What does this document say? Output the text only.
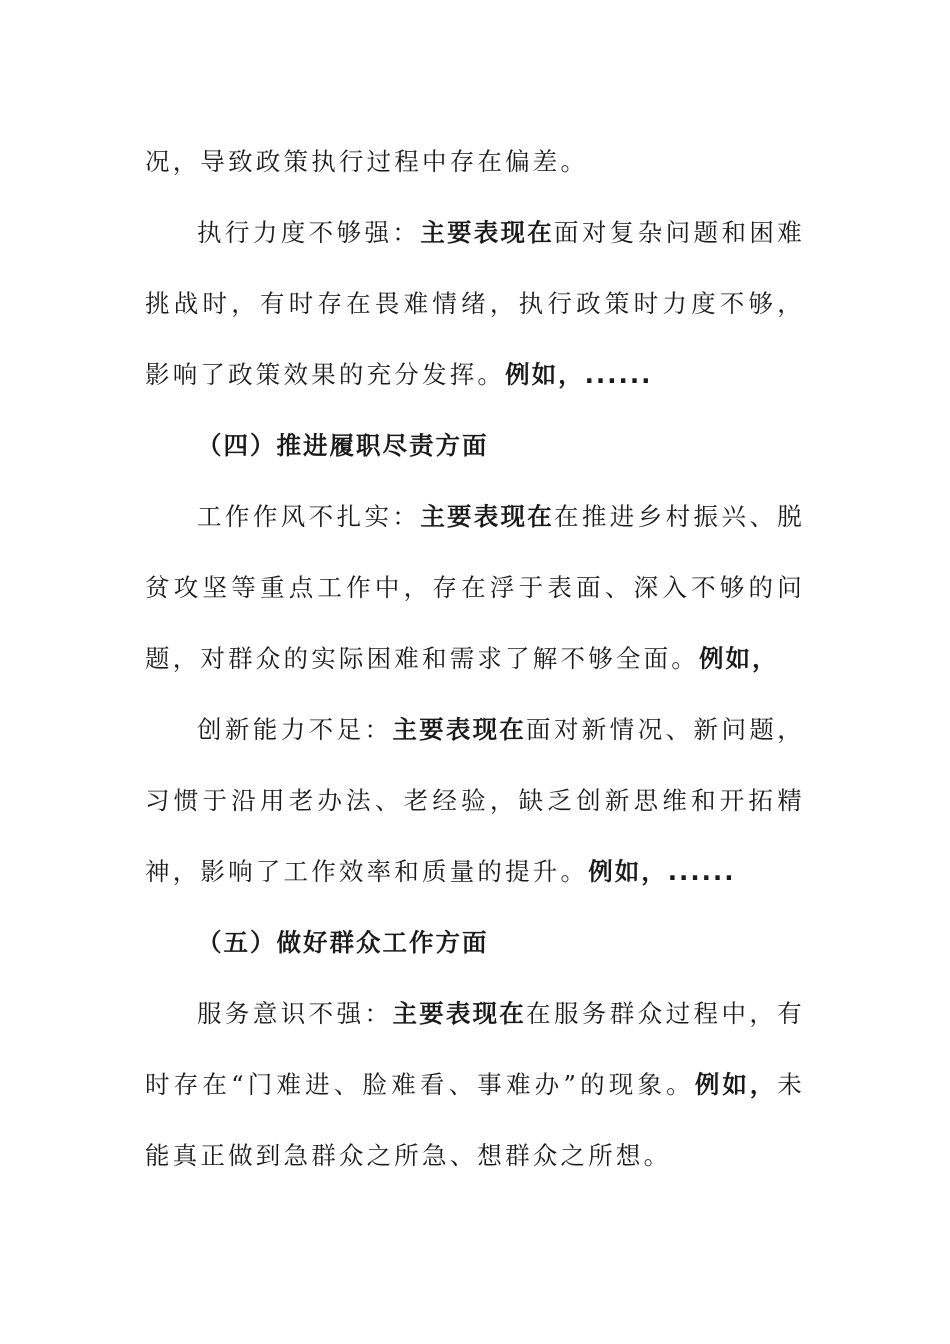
况，导致政策执行过程中存在偏差。

执行力度不够强：主要表现在面对复杂问题和困难挑战时，有时存在畏难情绪，执行政策时力度不够，影响了政策效果的充分发挥。例如，......

（四）推进履职尽责方面

工作作风不扎实：主要表现在在推进乡村振兴、脱贫攻坚等重点工作中，存在浮于表面、深入不够的问题，对群众的实际困难和需求了解不够全面。例如，

创新能力不足：主要表现在面对新情况、新问题，习惯于沿用老办法、老经验，缺乏创新思维和开拓精神，影响了工作效率和质量的提升。例如，......

（五）做好群众工作方面

服务意识不强：主要表现在在服务群众过程中，有时存在“门难进、脸难看、事难办”的现象。例如，未能真正做到急群众之所急、想群众之所想。
